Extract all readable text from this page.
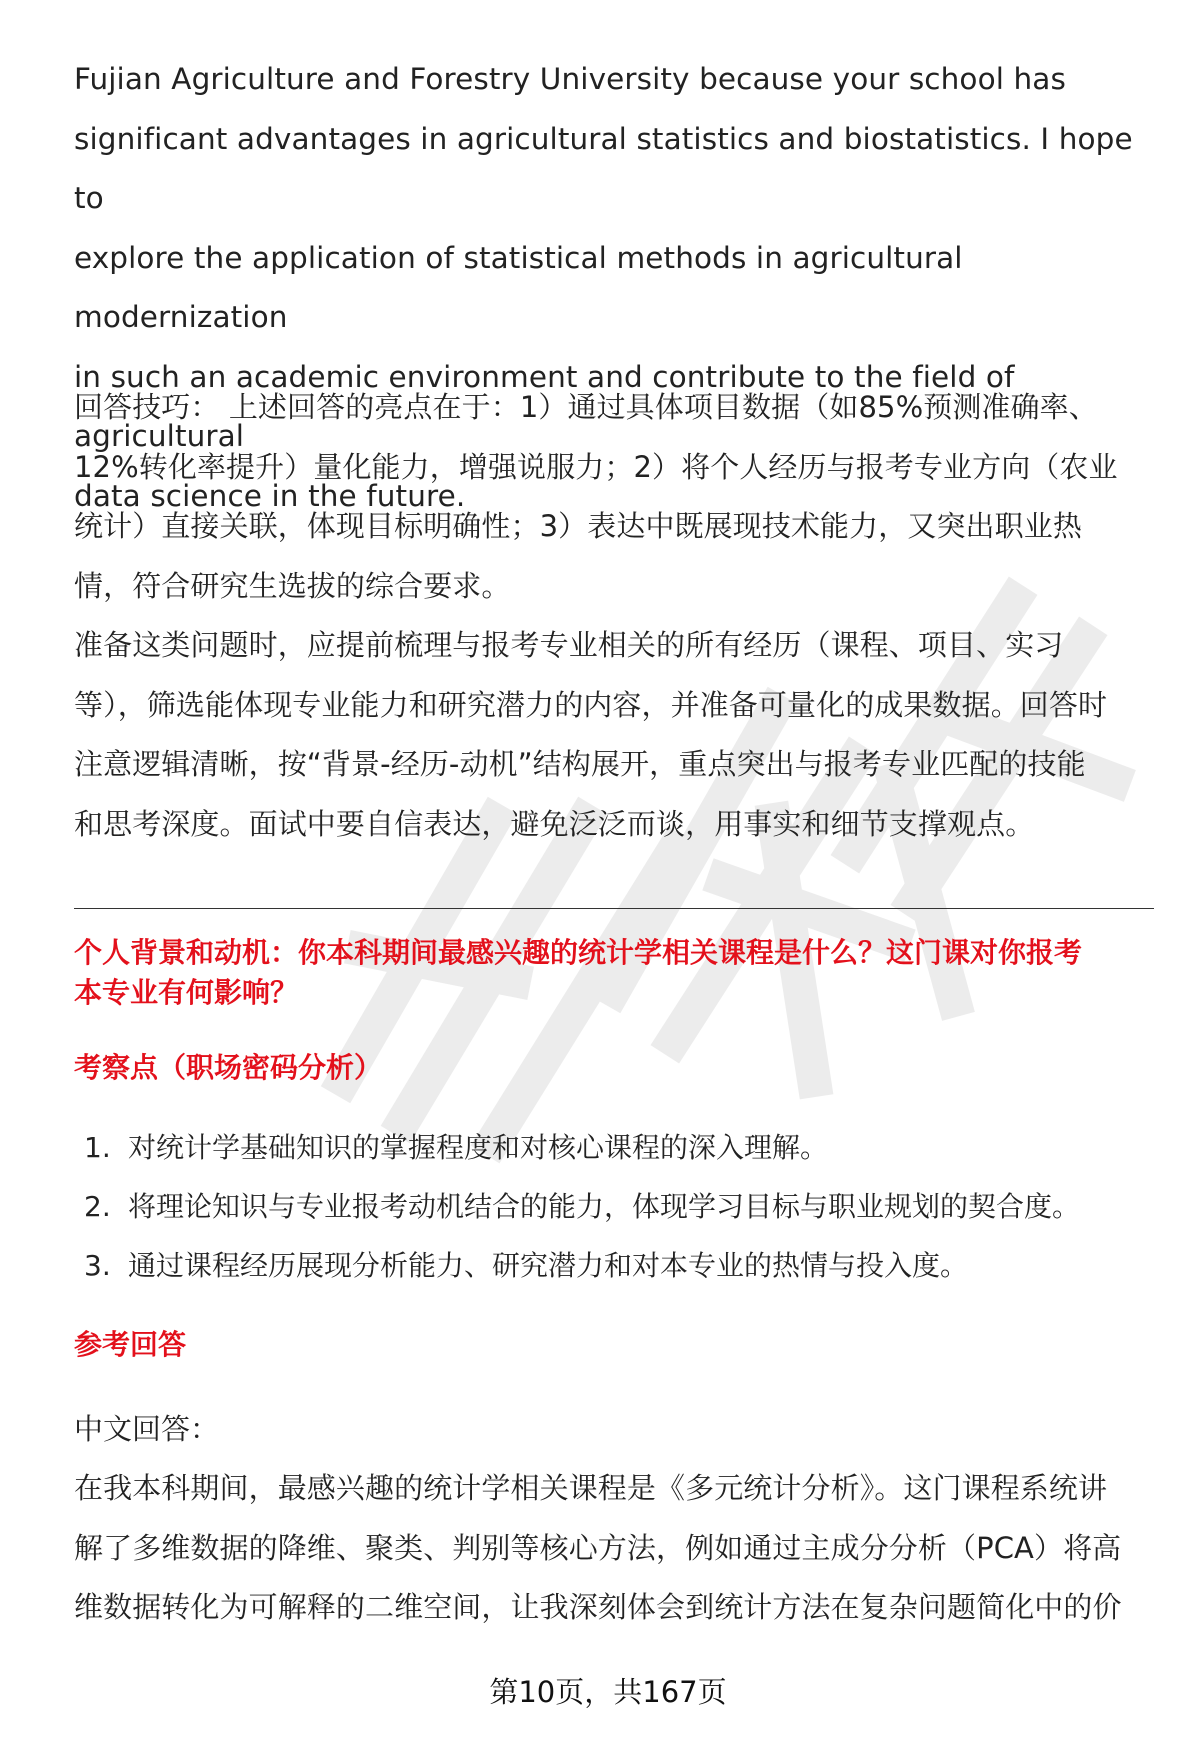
Fujian Agriculture and Forestry University because your school has

significant advantages in agricultural statistics and biostatistics. I hope to

explore the application of statistical methods in agricultural modernization

in such an academic environment and contribute to the field of agricultural

data science in the future.

回答技巧： 上述回答的亮点在于：1）通过具体项目数据（如85%预测准确率、

12%转化率提升）量化能力，增强说服力；2）将个人经历与报考专业方向（农业

统计）直接关联，体现目标明确性；3）表达中既展现技术能力，又突出职业热

情，符合研究生选拔的综合要求。

准备这类问题时，应提前梳理与报考专业相关的所有经历（课程、项目、实习

等），筛选能体现专业能力和研究潜力的内容，并准备可量化的成果数据。回答时

注意逻辑清晰，按“背景-经历-动机”结构展开，重点突出与报考专业匹配的技能

和思考深度。面试中要自信表达，避免泛泛而谈，用事实和细节支撑观点。

个人背景和动机：你本科期间最感兴趣的统计学相关课程是什么？这门课对你报考
本专业有何影响？
考察点（职场密码分析）
1. 对统计学基础知识的掌握程度和对核心课程的深入理解。
2. 将理论知识与专业报考动机结合的能力，体现学习目标与职业规划的契合度。
3. 通过课程经历展现分析能力、研究潜力和对本专业的热情与投入度。
参考回答

中文回答：

在我本科期间，最感兴趣的统计学相关课程是《多元统计分析》。这门课程系统讲

解了多维数据的降维、聚类、判别等核心方法，例如通过主成分分析（PCA）将高

维数据转化为可解释的二维空间，让我深刻体会到统计方法在复杂问题简化中的价

第10页，共167页
